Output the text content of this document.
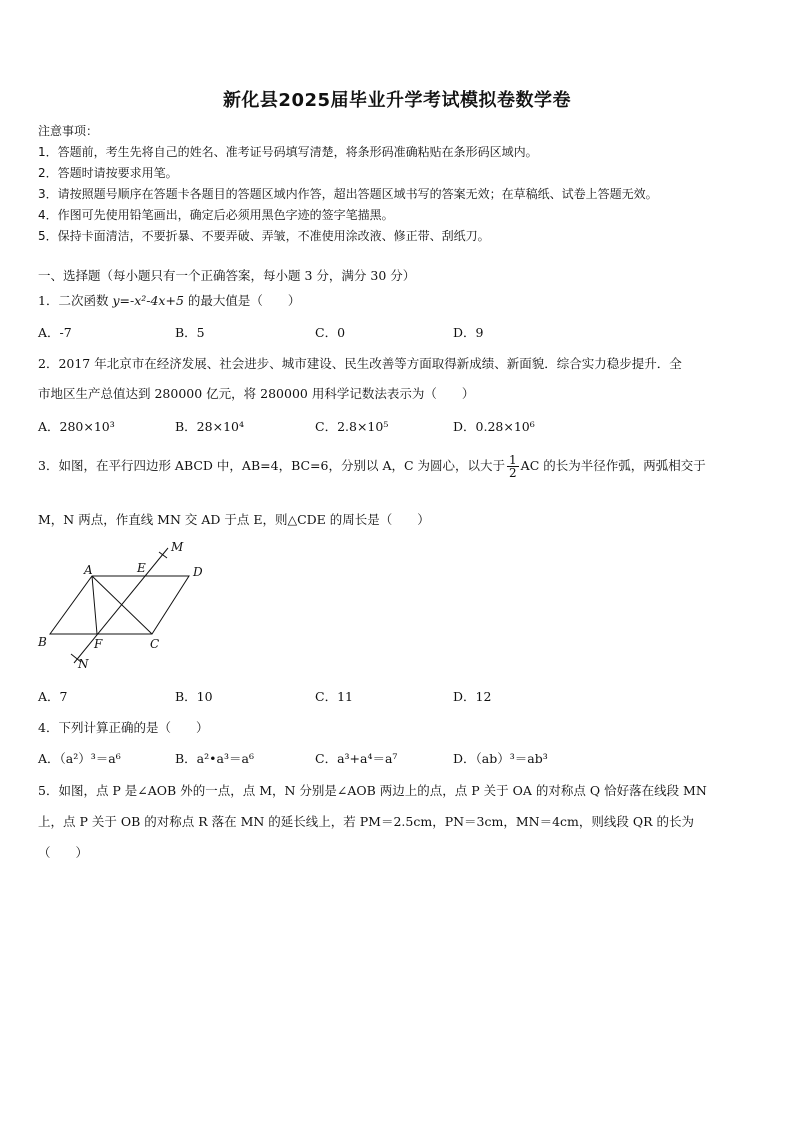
新化县2025届毕业升学考试模拟卷数学卷
注意事项：
1．答题前，考生先将自己的姓名、准考证号码填写清楚，将条形码准确粘贴在条形码区域内。
2．答题时请按要求用笔。
3．请按照题号顺序在答题卡各题目的答题区域内作答，超出答题区域书写的答案无效；在草稿纸、试卷上答题无效。
4．作图可先使用铅笔画出，确定后必须用黑色字迹的签字笔描黑。
5．保持卡面清洁，不要折暴、不要弄破、弄皱，不准使用涂改液、修正带、刮纸刀。
一、选择题（每小题只有一个正确答案，每小题 3 分，满分 30 分）
1．二次函数 y=-x²-4x+5 的最大值是（　　）
A．-7	B．5	C．0	D．9
2．2017 年北京市在经济发展、社会进步、城市建设、民生改善等方面取得新成绩、新面貌．综合实力稳步提升．全
市地区生产总值达到 280000 亿元，将 280000 用科学记数法表示为（　　）
A．280×10³	B．28×10⁴	C．2.8×10⁵	D．0.28×10⁶
3．如图，在平行四边形 ABCD 中，AB=4，BC=6，分别以 A，C 为圆心，以大于 $\frac{1}{2}$ AC 的长为半径作弧，两弧相交于
M，N 两点，作直线 MN 交 AD 于点 E，则△CDE 的周长是（　　）
A	E	D
M
B	F	C
N
A．7	B．10	C．11	D．12
4．下列计算正确的是（　　）
A．（a²）³＝a⁶	B．a²•a³＝a⁶	C．a³+a⁴＝a⁷	D．（ab）³＝ab³
5．如图，点 P 是∠AOB 外的一点，点 M，N 分别是∠AOB 两边上的点，点 P 关于 OA 的对称点 Q 恰好落在线段 MN
上，点 P 关于 OB 的对称点 R 落在 MN 的延长线上，若 PM＝2.5cm，PN＝3cm，MN＝4cm，则线段 QR 的长为
（　　）
